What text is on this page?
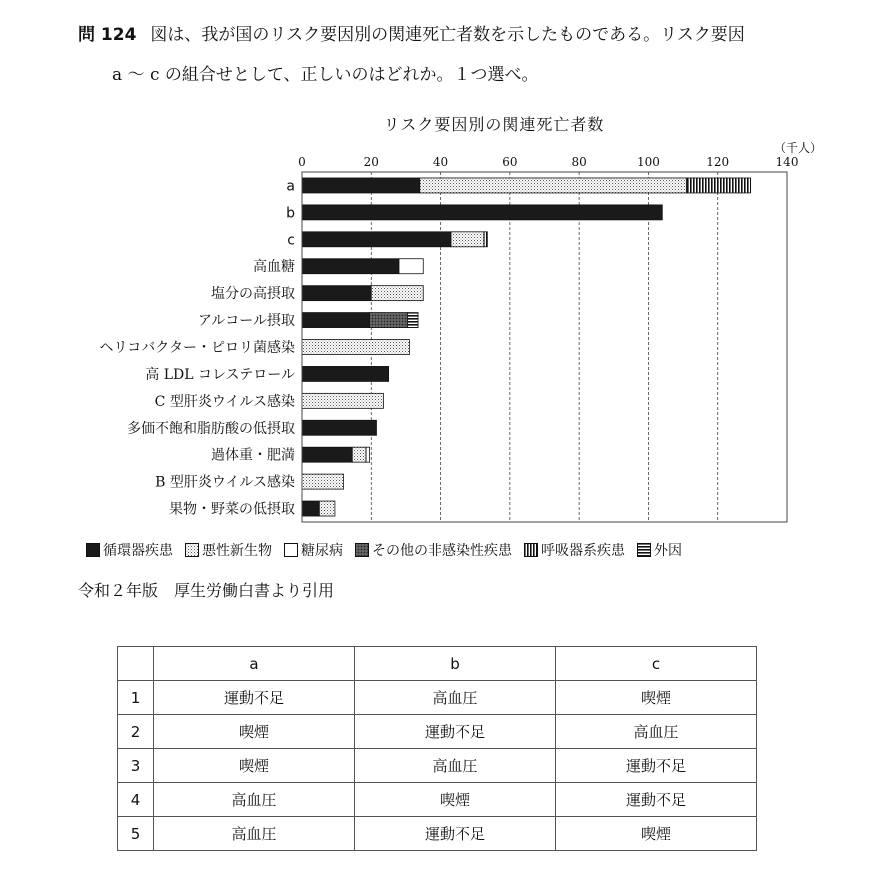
問 124 図は、我が国のリスク要因別の関連死亡者数を示したものである。リスク要因
a ～ c の組合せとして、正しいのはどれか。１つ選べ。
リスク要因別の関連死亡者数
a
b
c
高血糖
塩分の高摂取
アルコール摂取
ヘリコバクター・ピロリ菌感染
高 LDL コレステロール
C 型肝炎ウイルス感染
多価不飽和脂肪酸の低摂取
過体重・肥満
B 型肝炎ウイルス感染
果物・野菜の低摂取
0	20	40	60	80	100	120	140
（千人）
循環器疾患 悪性新生物 糖尿病 その他の非感染性疾患 呼吸器系疾患 外因
令和２年版　厚生労働白書より引用
	a	b	c
1	運動不足	高血圧	喫煙
2	喫煙	運動不足	高血圧
3	喫煙	高血圧	運動不足
4	高血圧	喫煙	運動不足
5	高血圧	運動不足	喫煙
